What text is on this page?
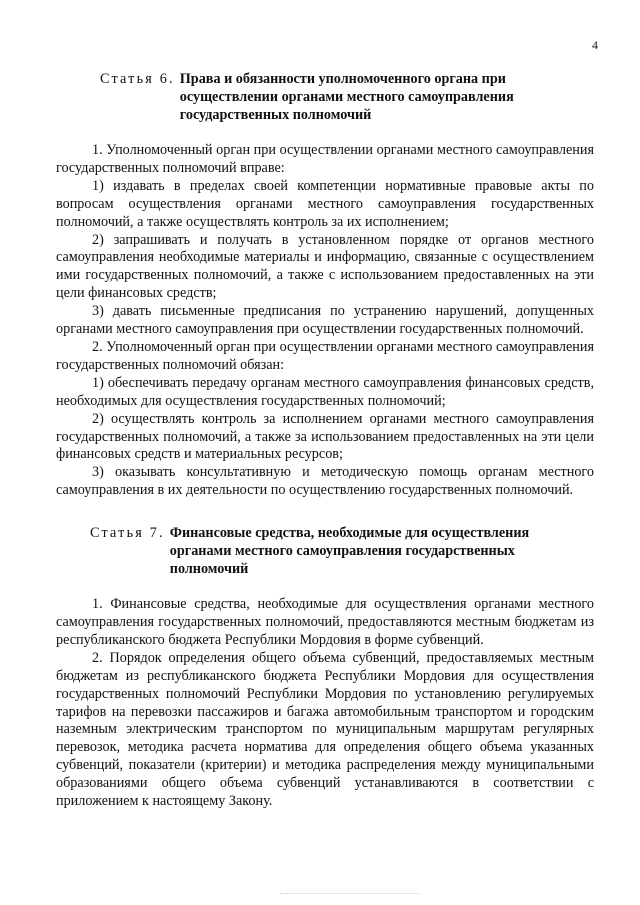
4
Статья 6. Права и обязанности уполномоченного органа при
осуществлении органами местного самоуправления
государственных полномочий

1. Уполномоченный орган при осуществлении органами местного самоуправления государственных полномочий вправе:

1) издавать в пределах своей компетенции нормативные правовые акты по вопросам осуществления органами местного самоуправления государственных полномочий, а также осуществлять контроль за их исполнением;

2) запрашивать и получать в установленном порядке от органов местного самоуправления необходимые материалы и информацию, связанные с осуществлением ими государственных полномочий, а также с использованием предоставленных на эти цели финансовых средств;

3) давать письменные предписания по устранению нарушений, допущенных органами местного самоуправления при осуществлении государственных полномочий.

2. Уполномоченный орган при осуществлении органами местного самоуправления государственных полномочий обязан:

1) обеспечивать передачу органам местного самоуправления финансовых средств, необходимых для осуществления государственных полномочий;

2) осуществлять контроль за исполнением органами местного самоуправления государственных полномочий, а также за использованием предоставленных на эти цели финансовых средств и материальных ресурсов;

3) оказывать консультативную и методическую помощь органам местного самоуправления в их деятельности по осуществлению государственных полномочий.

Статья 7. Финансовые средства, необходимые для осуществления
органами местного самоуправления государственных
полномочий

1. Финансовые средства, необходимые для осуществления органами местного самоуправления государственных полномочий, предоставляются местным бюджетам из республиканского бюджета Республики Мордовия в форме субвенций.

2. Порядок определения общего объема субвенций, предоставляемых местным бюджетам из республиканского бюджета Республики Мордовия для осуществления государственных полномочий Республики Мордовия по установлению регулируемых тарифов на перевозки пассажиров и багажа автомобильным транспортом и городским наземным электрическим транспортом по муниципальным маршрутам регулярных перевозок, методика расчета норматива для определения общего объема указанных субвенций, показатели (критерии) и методика распределения между муниципальными образованиями общего объема субвенций устанавливаются в соответствии с приложением к настоящему Закону.
